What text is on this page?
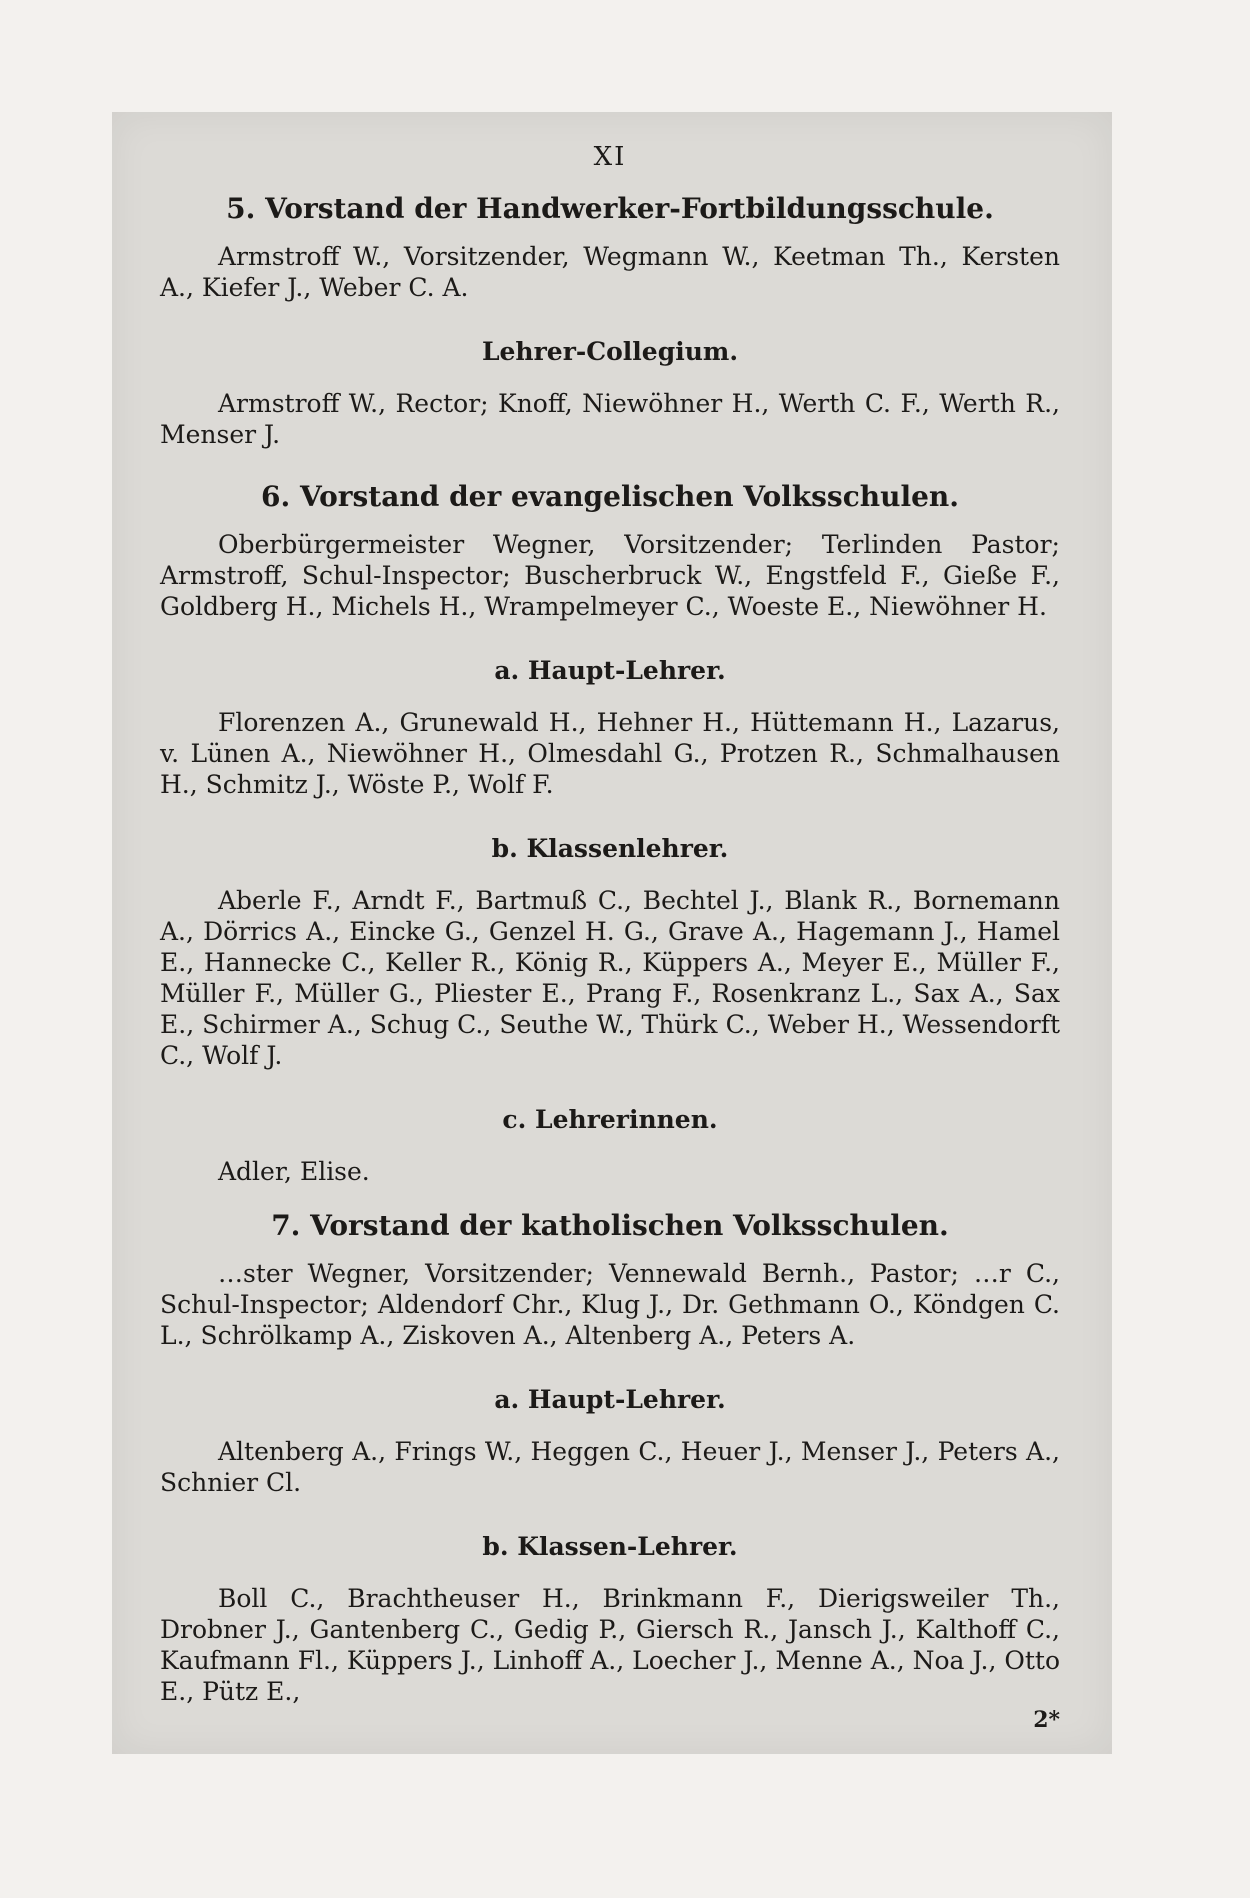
XI
5. Vorstand der Handwerker-Fortbildungsschule.

Armstroff W., Vorsitzender, Wegmann W., Keetman Th., Kersten A., Kiefer J., Weber C. A.

Lehrer-Collegium.

Armstroff W., Rector; Knoff, Niewöhner H., Werth C. F., Werth R., Menser J.

6. Vorstand der evangelischen Volksschulen.

Oberbürgermeister Wegner, Vorsitzender; Terlinden Pastor; Armstroff, Schul-Inspector; Buscherbruck W., Engstfeld F., Gieße F., Goldberg H., Michels H., Wrampelmeyer C., Woeste E., Niewöhner H.

a. Haupt-Lehrer.

Florenzen A., Grunewald H., Hehner H., Hüttemann H., Lazarus, v. Lünen A., Niewöhner H., Olmesdahl G., Protzen R., Schmalhausen H., Schmitz J., Wöste P., Wolf F.

b. Klassenlehrer.

Aberle F., Arndt F., Bartmuß C., Bechtel J., Blank R., Bornemann A., Dörrics A., Eincke G., Genzel H. G., Grave A., Hagemann J., Hamel E., Hannecke C., Keller R., König R., Küppers A., Meyer E., Müller F., Müller F., Müller G., Pliester E., Prang F., Rosenkranz L., Sax A., Sax E., Schirmer A., Schug C., Seuthe W., Thürk C., Weber H., Wessendorft C., Wolf J.

c. Lehrerinnen.

Adler, Elise.

7. Vorstand der katholischen Volksschulen.

…ster Wegner, Vorsitzender; Vennewald Bernh., Pastor; …r C., Schul-Inspector; Aldendorf Chr., Klug J., Dr. Gethmann O., Köndgen C. L., Schrölkamp A., Ziskoven A., Altenberg A., Peters A.

a. Haupt-Lehrer.

Altenberg A., Frings W., Heggen C., Heuer J., Menser J., Peters A., Schnier Cl.

b. Klassen-Lehrer.

Boll C., Brachtheuser H., Brinkmann F., Dierigsweiler Th., Drobner J., Gantenberg C., Gedig P., Giersch R., Jansch J., Kalthoff C., Kaufmann Fl., Küppers J., Linhoff A., Loecher J., Menne A., Noa J., Otto E., Pütz E.,

2*
